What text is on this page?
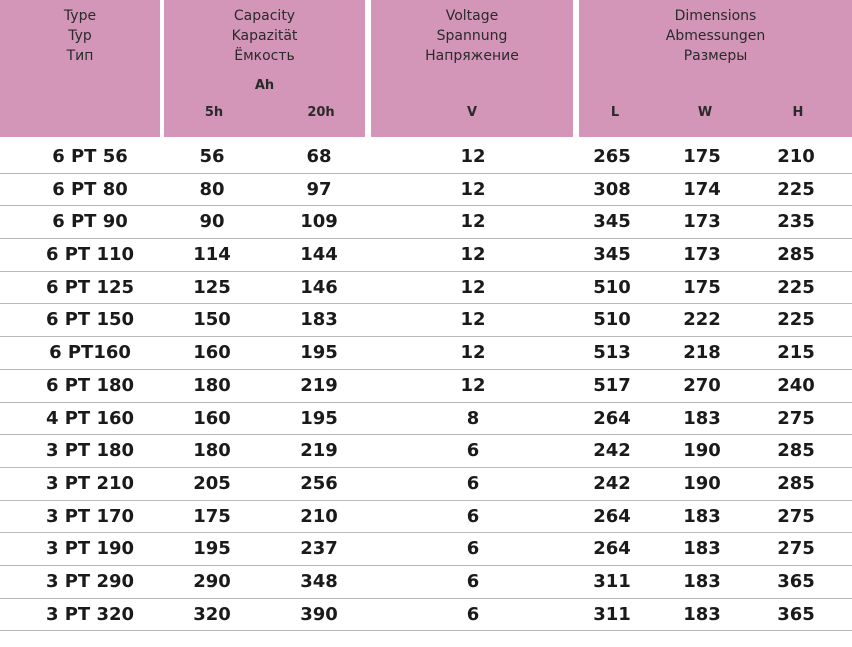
Type
Typ
Тип
Capacity
Kapazität
Ёмкость
Ah
5h	20h
Voltage
Spannung
Напряжение
V
Dimensions
Abmessungen
Размеры
L	W	H
6 PT 56	56	68	12	265	175	210
6 PT 80	80	97	12	308	174	225
6 PT 90	90	109	12	345	173	235
6 PT 110	114	144	12	345	173	285
6 PT 125	125	146	12	510	175	225
6 PT 150	150	183	12	510	222	225
6 PT160	160	195	12	513	218	215
6 PT 180	180	219	12	517	270	240
4 PT 160	160	195	8	264	183	275
3 PT 180	180	219	6	242	190	285
3 PT 210	205	256	6	242	190	285
3 PT 170	175	210	6	264	183	275
3 PT 190	195	237	6	264	183	275
3 PT 290	290	348	6	311	183	365
3 PT 320	320	390	6	311	183	365
